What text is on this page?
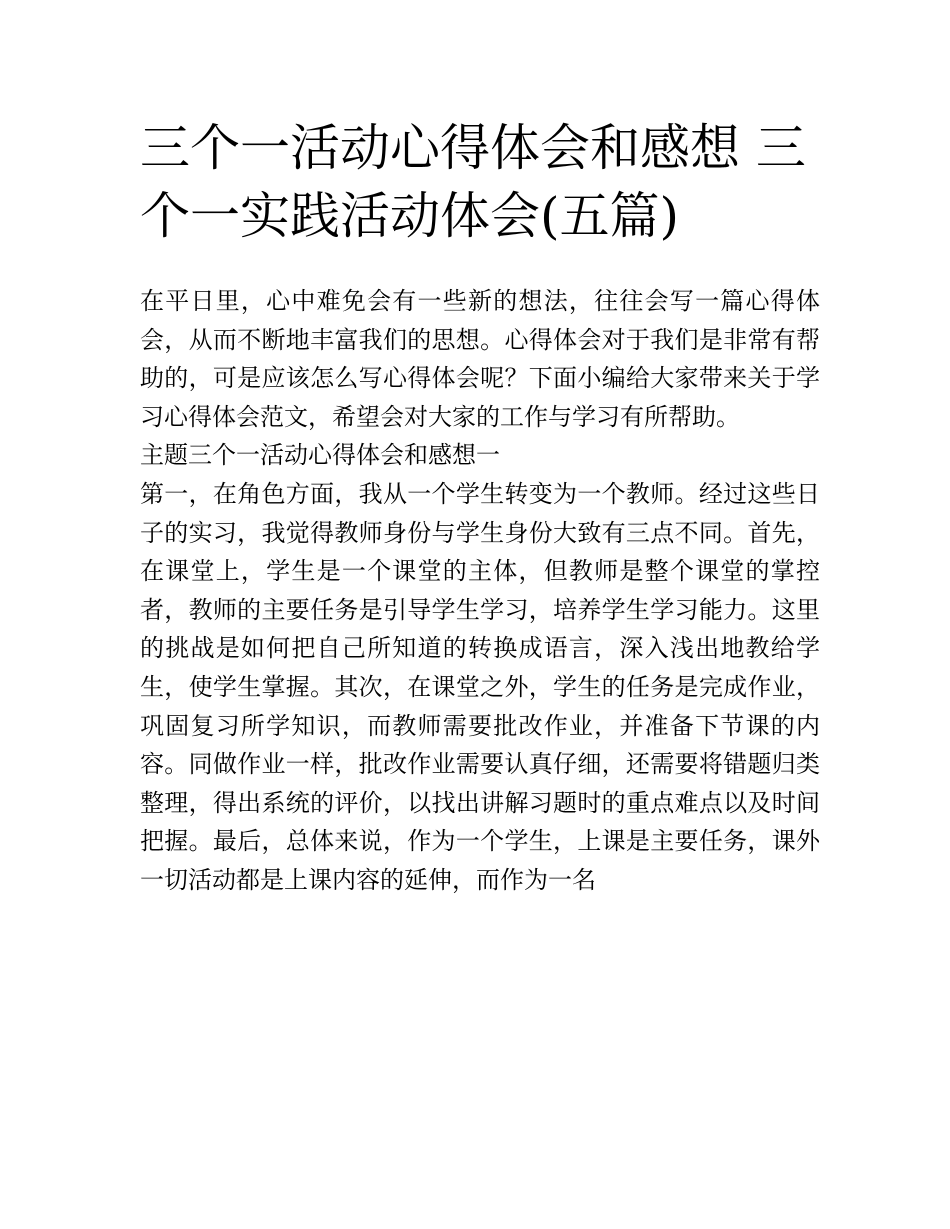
三个一活动心得体会和感想 三个一实践活动体会(五篇)

在平日里，心中难免会有一些新的想法，往往会写一篇心得体会，从而不断地丰富我们的思想。心得体会对于我们是非常有帮助的，可是应该怎么写心得体会呢？下面小编给大家带来关于学习心得体会范文，希望会对大家的工作与学习有所帮助。

主题三个一活动心得体会和感想一

第一，在角色方面，我从一个学生转变为一个教师。经过这些日子的实习，我觉得教师身份与学生身份大致有三点不同。首先，在课堂上，学生是一个课堂的主体，但教师是整个课堂的掌控者，教师的主要任务是引导学生学习，培养学生学习能力。这里的挑战是如何把自己所知道的转换成语言，深入浅出地教给学生，使学生掌握。其次，在课堂之外，学生的任务是完成作业，巩固复习所学知识，而教师需要批改作业，并准备下节课的内容。同做作业一样，批改作业需要认真仔细，还需要将错题归类整理，得出系统的评价，以找出讲解习题时的重点难点以及时间把握。最后，总体来说，作为一个学生，上课是主要任务，课外一切活动都是上课内容的延伸，而作为一名
